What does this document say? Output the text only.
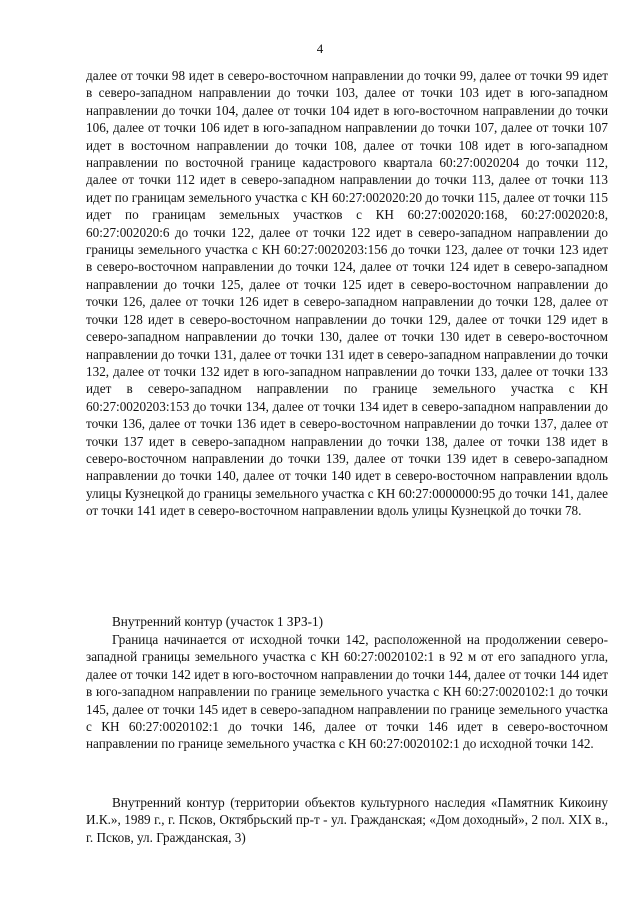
4
далее от точки 98 идет в северо-восточном направлении до точки 99, далее от точки 99 идет в северо-западном направлении до точки 103, далее от точки 103 идет в юго-западном направлении до точки 104, далее от точки 104 идет в юго-восточном направлении до точки 106, далее от точки 106 идет в юго-западном направлении до точки 107, далее от точки 107 идет в восточном направлении до точки 108, далее от точки 108 идет в юго-западном направлении по восточной границе кадастрового квартала 60:27:0020204 до точки 112, далее от точки 112 идет в северо-западном направлении до точки 113, далее от точки 113 идет по границам земельного участка с КН 60:27:002020:20 до точки 115, далее от точки 115 идет по границам земельных участков с КН 60:27:002020:168, 60:27:002020:8, 60:27:002020:6 до точки 122, далее от точки 122 идет в северо-западном направлении до границы земельного участка с КН 60:27:0020203:156 до точки 123, далее от точки 123 идет в северо-восточном направлении до точки 124, далее от точки 124 идет в северо-западном направлении до точки 125, далее от точки 125 идет в северо-восточном направлении до точки 126, далее от точки 126 идет в северо-западном направлении до точки 128, далее от точки 128 идет в северо-восточном направлении до точки 129, далее от точки 129 идет в северо-западном направлении до точки 130, далее от точки 130 идет в северо-восточном направлении до точки 131, далее от точки 131 идет в северо-западном направлении до точки 132, далее от точки 132 идет в юго-западном направлении до точки 133, далее от точки 133 идет в северо-западном направлении по границе земельного участка с КН 60:27:0020203:153 до точки 134, далее от точки 134 идет в северо-западном направлении до точки 136, далее от точки 136 идет в северо-восточном направлении до точки 137, далее от точки 137 идет в северо-западном направлении до точки 138, далее от точки 138 идет в северо-восточном направлении до точки 139, далее от точки 139 идет в северо-западном направлении до точки 140, далее от точки 140 идет в северо-восточном направлении вдоль улицы Кузнецкой до границы земельного участка с КН 60:27:0000000:95 до точки 141, далее от точки 141 идет в северо-восточном направлении вдоль улицы Кузнецкой до точки 78.
Внутренний контур (участок 1 ЗРЗ-1)
Граница начинается от исходной точки 142, расположенной на продолжении северо-западной границы земельного участка с КН 60:27:0020102:1 в 92 м от его западного угла, далее от точки 142 идет в юго-восточном направлении до точки 144, далее от точки 144 идет в юго-западном направлении по границе земельного участка с КН 60:27:0020102:1 до точки 145, далее от точки 145 идет в северо-западном направлении по границе земельного участка с КН 60:27:0020102:1 до точки 146, далее от точки 146 идет в северо-восточном направлении по границе земельного участка с КН 60:27:0020102:1 до исходной точки 142.
Внутренний контур (территории объектов культурного наследия «Памятник Кикоину И.К.», 1989 г., г. Псков, Октябрьский пр-т - ул. Гражданская; «Дом доходный», 2 пол. XIX в., г. Псков, ул. Гражданская, 3)
